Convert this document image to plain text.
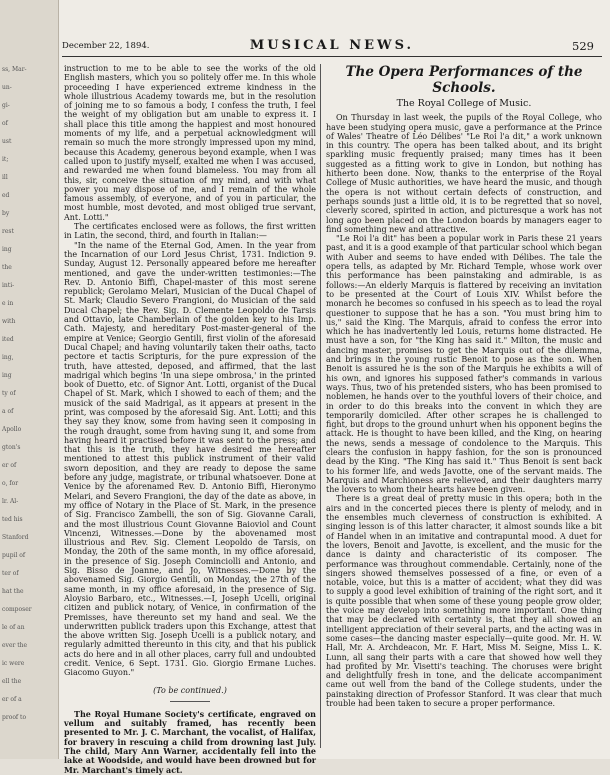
ss, Mar-
un-
gi-
of
ust
it;
ill
ed
by
rest
ing
the
inti-
e in
with
ited
ing,
ing
ty of
a of
Apollo
gton's
er of
o, for
lr. Al-
ted his
Stanford
pupil of
ter of
hat the
composer
le of an
ever the
ic were
ell the
er of a
proof to
December 22, 1894.	MUSICAL NEWS.	529

instruction to me to be able to see the works of the old English masters, which you so politely offer me. In this whole proceeding I have experienced extreme kindness in the whole illustrious Academy towards me, but in the resolution of joining me to so famous a body, I confess the truth, I feel the weight of my obligation but am unable to express it. I shall place this title among the happiest and most honoured moments of my life, and a perpetual acknowledgment will remain so much the more strongly impressed upon my mind, because this Academy, generous beyond example, when I was called upon to justify myself, exalted me when I was accused, and rewarded me when found blameless. You may from all this, sir, conceive the situation of my mind, and with what power you may dispose of me, and I remain of the whole famous assembly, of everyone, and of you in particular, the most humble, most devoted, and most obliged true servant, Ant. Lotti."

The certificates enclosed were as follows, the first written in Latin, the second, third, and fourth in Italian:—

"In the name of the Eternal God, Amen. In the year from the Incarnation of our Lord Jesus Christ, 1731. Indiction 9. Sunday, August 12. Personally appeared before me hereafter mentioned, and gave the under-written testimonies:—The Rev. D. Antonio Biffi, Chapel-master of this most serene republick; Gerolamo Melari, Musician of the Ducal Chapel of St. Mark; Claudio Severo Frangioni, do Musician of the said Ducal Chapel; the Rev. Sig. D. Clemente Leopoldo de Tarsis and Ottavio, late Chamberlain of the golden key to his Imp. Cath. Majesty, and hereditary Post-master-general of the empire at Venice; Georgio Gentili, first violin of the aforesaid Ducal Chapel; and having voluntarily taken their oaths, tacto pectore et tactis Scripturis, for the pure expression of the truth, have attested, deposed, and affirmed, that the last madrigal which begins 'In una siepe ombrosa,' in the printed book of Duetto, etc. of Signor Ant. Lotti, organist of the Ducal Chapel of St. Mark, which I showed to each of them; and the musick of the said Madrigal, as it appears at present in the print, was composed by the aforesaid Sig. Ant. Lotti; and this they say they know, some from having seen it composing in the rough draught, some from having sung it, and some from having heard it practised before it was sent to the press; and that this is the truth, they have desired me hereafter mentioned to attest this publick instrument of their valid sworn deposition, and they are ready to depose the same before any judge, magistrate, or tribunal whatsoever. Done at Venice by the aforenamed Rev. D. Antonio Biffi, Hieronymo Melari, and Severo Frangioni, the day of the date as above, in my office of Notary in the Place of St. Mark, in the presence of Sig. Francisco Zambelli, the son of Sig. Giovanne Carali, and the most illustrious Count Giovanne Baioviol and Count Vincenzi, Witnesses.—Done by the abovenamed most illustrious and Rev. Sig. Clement Leopoldo de Tarsis, on Monday, the 20th of the same month, in my office aforesaid, in the presence of Sig. Joseph Cominciolli and Antonio, and Sig. Bisso de Joanne, and Jo, Witnesses.—Done by the abovenamed Sig. Giorgio Gentili, on Monday, the 27th of the same month, in my office aforesaid, in the presence of Sig. Aloysio Barbaro, etc., Witnesses.—I, Joseph Ucelli, original citizen and publick notary, of Venice, in confirmation of the Premisses, have thereunto set my hand and seal. We the underwritten publick traders upon this Exchange, attest that the above written Sig. Joseph Ucelli is a publick notary, and regularly admitted thereunto in this city, and that his publick acts do here and in all other places, carry full and undoubted credit. Venice, 6 Sept. 1731. Gio. Giorgio Ermane Luches. Giacomo Guyon."

(To be continued.)

The Royal Humane Society's certificate, engraved on vellum and suitably framed, has recently been presented to Mr. J. C. Marchant, the vocalist, of Halifax, for bravery in rescuing a child from drowning last July. The child, Mary Ann Warner, accidentally fell into the lake at Woodside, and would have been drowned but for Mr. Marchant's timely act.

The Opera Performances of the Schools.

The Royal College of Music.

On Thursday in last week, the pupils of the Royal College, who have been studying opera music, gave a performance at the Prince of Wales' Theatre of Léo Délibes' "Le Roi l'a dit," a work unknown in this country. The opera has been talked about, and its bright sparkling music frequently praised; many times has it been suggested as a fitting work to give in London, but nothing has hitherto been done. Now, thanks to the enterprise of the Royal College of Music authorities, we have heard the music, and though the opera is not without certain defects of construction, and perhaps sounds just a little old, it is to be regretted that so novel, cleverly scored, spirited in action, and picturesque a work has not long ago been placed on the London boards by managers eager to find something new and attractive.

"Le Roi l'a dit" has been a popular work in Paris these 21 years past, and it is a good example of that particular school which began with Auber and seems to have ended with Délibes. The tale the opera tells, as adapted by Mr. Richard Temple, whose work over this performance has been painstaking and admirable, is as follows:—An elderly Marquis is flattered by receiving an invitation to be presented at the Court of Louis XIV. Whilst before the monarch he becomes so confused in his speech as to lead the royal questioner to suppose that he has a son. "You must bring him to us," said the King. The Marquis, afraid to confess the error into which he has inadvertently led Louis, returns home distracted. He must have a son, for "the King has said it." Milton, the music and dancing master, promises to get the Marquis out of the dilemma, and brings in the young rustic Benoit to pose as the son. When Benoit is assured he is the son of the Marquis he exhibits a will of his own, and ignores his supposed father's commands in various ways. Thus, two of his pretended sisters, who has been promised to noblemen, he hands over to the youthful lovers of their choice, and in order to do this breaks into the convent in which they are temporarily domiciled. After other scrapes he is challenged to fight, but drops to the ground unhurt when his opponent begins the attack. He is thought to have been killed, and the King, on hearing the news, sends a message of condolence to the Marquis. This clears the confusion in happy fashion, for the son is pronounced dead by the King. "The King has said it." Thus Benoit is sent back to his former life, and weds Javotte, one of the servant maids. The Marquis and Marchioness are relieved, and their daughters marry the lovers to whom their hearts have been given.

There is a great deal of pretty music in this opera; both in the airs and in the concerted pieces there is plenty of melody, and in the ensembles much cleverness of construction is exhibited. A singing lesson is of this latter character, it almost sounds like a bit of Handel when in an imitative and contrapuntal mood. A duet for the lovers, Benoit and Javotte, is excellent, and the music for the dance is dainty and characteristic of its composer. The performance was throughout commendable. Certainly, none of the singers showed themselves possessed of a fine, or even of a notable, voice, but this is a matter of accident; what they did was to supply a good level exhibition of training of the right sort, and it is quite possible that when some of these young people grow older, the voice may develop into something more important. One thing that may be declared with certainty is, that they all showed an intelligent appreciation of their several parts, and the acting was in some cases—the dancing master especially—quite good. Mr. H. W. Hall, Mr. A. Archdeacon, Mr. F. Hart, Miss M. Seigne, Miss L. K. Lunn, all sang their parts with a care that showed how well they had profited by Mr. Visetti's teaching. The choruses were bright and delightfully fresh in tone, and the delicate accompaniment came out well from the band of the College students, under the painstaking direction of Professor Stanford. It was clear that much trouble had been taken to secure a proper performance.
